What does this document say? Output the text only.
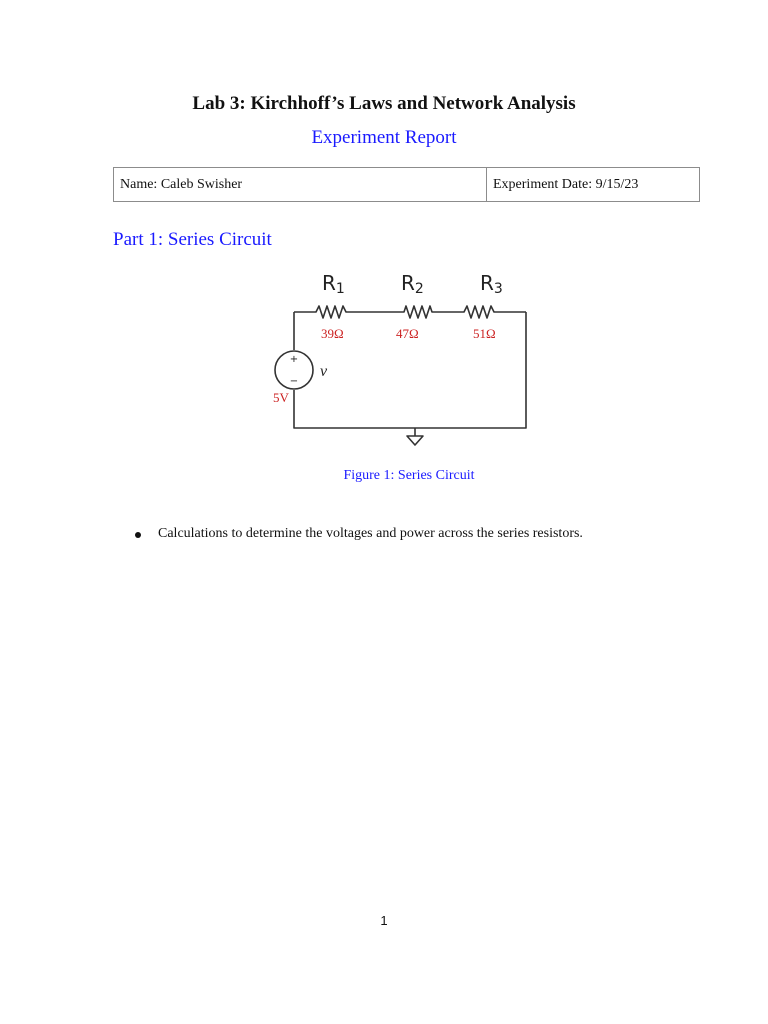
Lab 3: Kirchhoff’s Laws and Network Analysis
Experiment Report
Name: Caleb Swisher	Experiment Date: 9/15/23
Part 1: Series Circuit
R1	R2	R3
39Ω	47Ω	51Ω
+
−
v
5V
Figure 1: Series Circuit
Calculations to determine the voltages and power across the series resistors.
1
